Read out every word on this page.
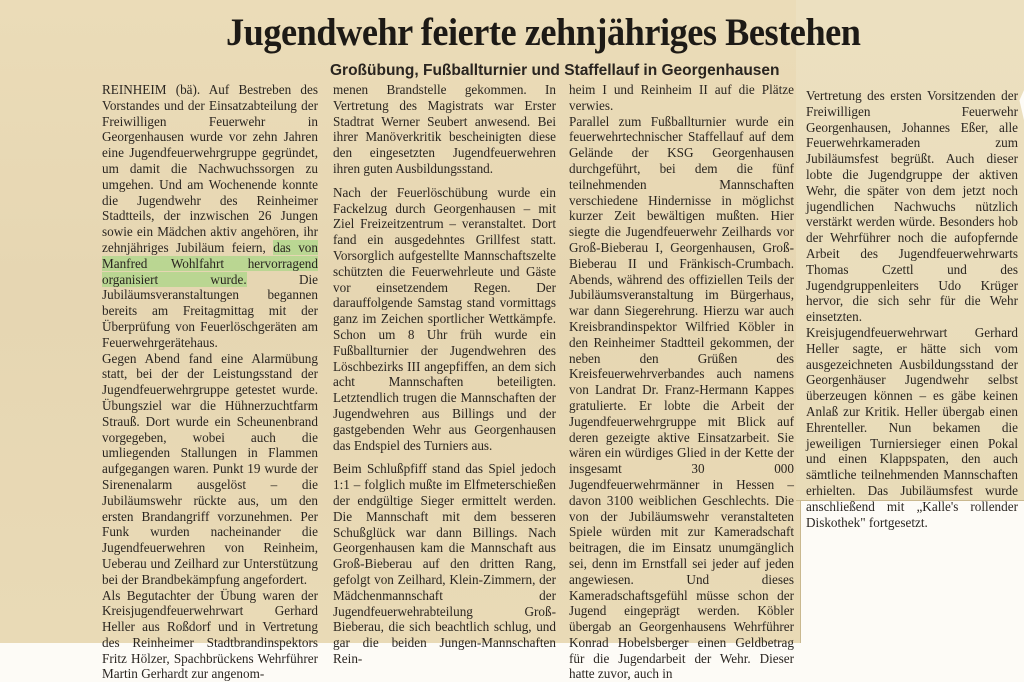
Jugendwehr feierte zehnjähriges Bestehen
Großübung, Fußballturnier und Staffellauf in Georgenhausen

REINHEIM (bä). Auf Bestreben des Vorstandes und der Einsatzabteilung der Freiwilligen Feuerwehr in Georgenhausen wurde vor zehn Jahren eine Jugendfeuerwehrgruppe gegründet, um damit die Nachwuchssorgen zu umgehen. Und am Wochenende konnte die Jugendwehr des Reinheimer Stadtteils, der inzwischen 26 Jungen sowie ein Mädchen aktiv angehören, ihr zehnjähriges Jubiläum feiern, das von Manfred Wohlfahrt hervorragend organisiert wurde. Die Jubiläumsveranstaltungen begannen bereits am Freitagmittag mit der Überprüfung von Feuerlöschgeräten am Feuerwehrgerätehaus.

Gegen Abend fand eine Alarmübung statt, bei der der Leistungsstand der Jugendfeuerwehrgruppe getestet wurde. Übungsziel war die Hühnerzuchtfarm Strauß. Dort wurde ein Scheunenbrand vorgegeben, wobei auch die umliegenden Stallungen in Flammen aufgegangen waren. Punkt 19 wurde der Sirenenalarm ausgelöst – die Jubiläumswehr rückte aus, um den ersten Brandangriff vorzunehmen. Per Funk wurden nacheinander die Jugendfeuerwehren von Reinheim, Ueberau und Zeilhard zur Unterstützung bei der Brandbekämpfung angefordert.

Als Begutachter der Übung waren der Kreisjugendfeuerwehrwart Gerhard Heller aus Roßdorf und in Vertretung des Reinheimer Stadtbrandinspektors Fritz Hölzer, Spachbrückens Wehrführer Martin Gerhardt zur angenom-

menen Brandstelle gekommen. In Vertretung des Magistrats war Erster Stadtrat Werner Seubert anwesend. Bei ihrer Manöverkritik bescheinigten diese den eingesetzten Jugendfeuerwehren ihren guten Ausbildungsstand.

Nach der Feuerlöschübung wurde ein Fackelzug durch Georgenhausen – mit Ziel Freizeitzentrum – veranstaltet. Dort fand ein ausgedehntes Grillfest statt. Vorsorglich aufgestellte Mannschaftszelte schützten die Feuerwehrleute und Gäste vor einsetzendem Regen. Der darauffolgende Samstag stand vormittags ganz im Zeichen sportlicher Wettkämpfe. Schon um 8 Uhr früh wurde ein Fußballturnier der Jugendwehren des Löschbezirks III angepfiffen, an dem sich acht Mannschaften beteiligten. Letztendlich trugen die Mannschaften der Jugendwehren aus Billings und der gastgebenden Wehr aus Georgenhausen das Endspiel des Turniers aus.

Beim Schlußpfiff stand das Spiel jedoch 1:1 – folglich mußte im Elfmeterschießen der endgültige Sieger ermittelt werden. Die Mannschaft mit dem besseren Schußglück war dann Billings. Nach Georgenhausen kam die Mannschaft aus Groß-Bieberau auf den dritten Rang, gefolgt von Zeilhard, Klein-Zimmern, der Mädchenmannschaft der Jugendfeuerwehrabteilung Groß-Bieberau, die sich beachtlich schlug, und gar die beiden Jungen-Mannschaften Rein-

heim I und Reinheim II auf die Plätze verwies.

Parallel zum Fußballturnier wurde ein feuerwehrtechnischer Staffellauf auf dem Gelände der KSG Georgenhausen durchgeführt, bei dem die fünf teilnehmenden Mannschaften verschiedene Hindernisse in möglichst kurzer Zeit bewältigen mußten. Hier siegte die Jugendfeuerwehr Zeilhards vor Groß-Bieberau I, Georgenhausen, Groß-Bieberau II und Fränkisch-Crumbach. Abends, während des offiziellen Teils der Jubiläumsveranstaltung im Bürgerhaus, war dann Siegerehrung. Hierzu war auch Kreisbrandinspektor Wilfried Köbler in den Reinheimer Stadtteil gekommen, der neben den Grüßen des Kreisfeuerwehrverbandes auch namens von Landrat Dr. Franz-Hermann Kappes gratulierte. Er lobte die Arbeit der Jugendfeuerwehrgruppe mit Blick auf deren gezeigte aktive Einsatzarbeit. Sie wären ein würdiges Glied in der Kette der insgesamt 30 000 Jugendfeuerwehrmänner in Hessen – davon 3100 weiblichen Geschlechts. Die von der Jubiläumswehr veranstalteten Spiele würden mit zur Kameradschaft beitragen, die im Einsatz unumgänglich sei, denn im Ernstfall sei jeder auf jeden angewiesen. Und dieses Kameradschaftsgefühl müsse schon der Jugend eingeprägt werden. Köbler übergab an Georgenhausens Wehrführer Konrad Hobelsberger einen Geldbetrag für die Jugendarbeit der Wehr. Dieser hatte zuvor, auch in

Vertretung des ersten Vorsitzenden der Freiwilligen Feuerwehr Georgenhausen, Johannes Eßer, alle Feuerwehrkameraden zum Jubiläumsfest begrüßt. Auch dieser lobte die Jugendgruppe der aktiven Wehr, die später von dem jetzt noch jugendlichen Nachwuchs nützlich verstärkt werden würde. Besonders hob der Wehrführer noch die aufopfernde Arbeit des Jugendfeuerwehrwarts Thomas Czettl und des Jugendgruppenleiters Udo Krüger hervor, die sich sehr für die Wehr einsetzten.

Kreisjugendfeuerwehrwart Gerhard Heller sagte, er hätte sich vom ausgezeichneten Ausbildungsstand der Georgenhäuser Jugendwehr selbst überzeugen können – es gäbe keinen Anlaß zur Kritik. Heller übergab einen Ehrenteller. Nun bekamen die jeweiligen Turniersieger einen Pokal und einen Klappspaten, den auch sämtliche teilnehmenden Mannschaften erhielten. Das Jubiläumsfest wurde anschließend mit „Kalle's rollender Diskothek" fortgesetzt.
